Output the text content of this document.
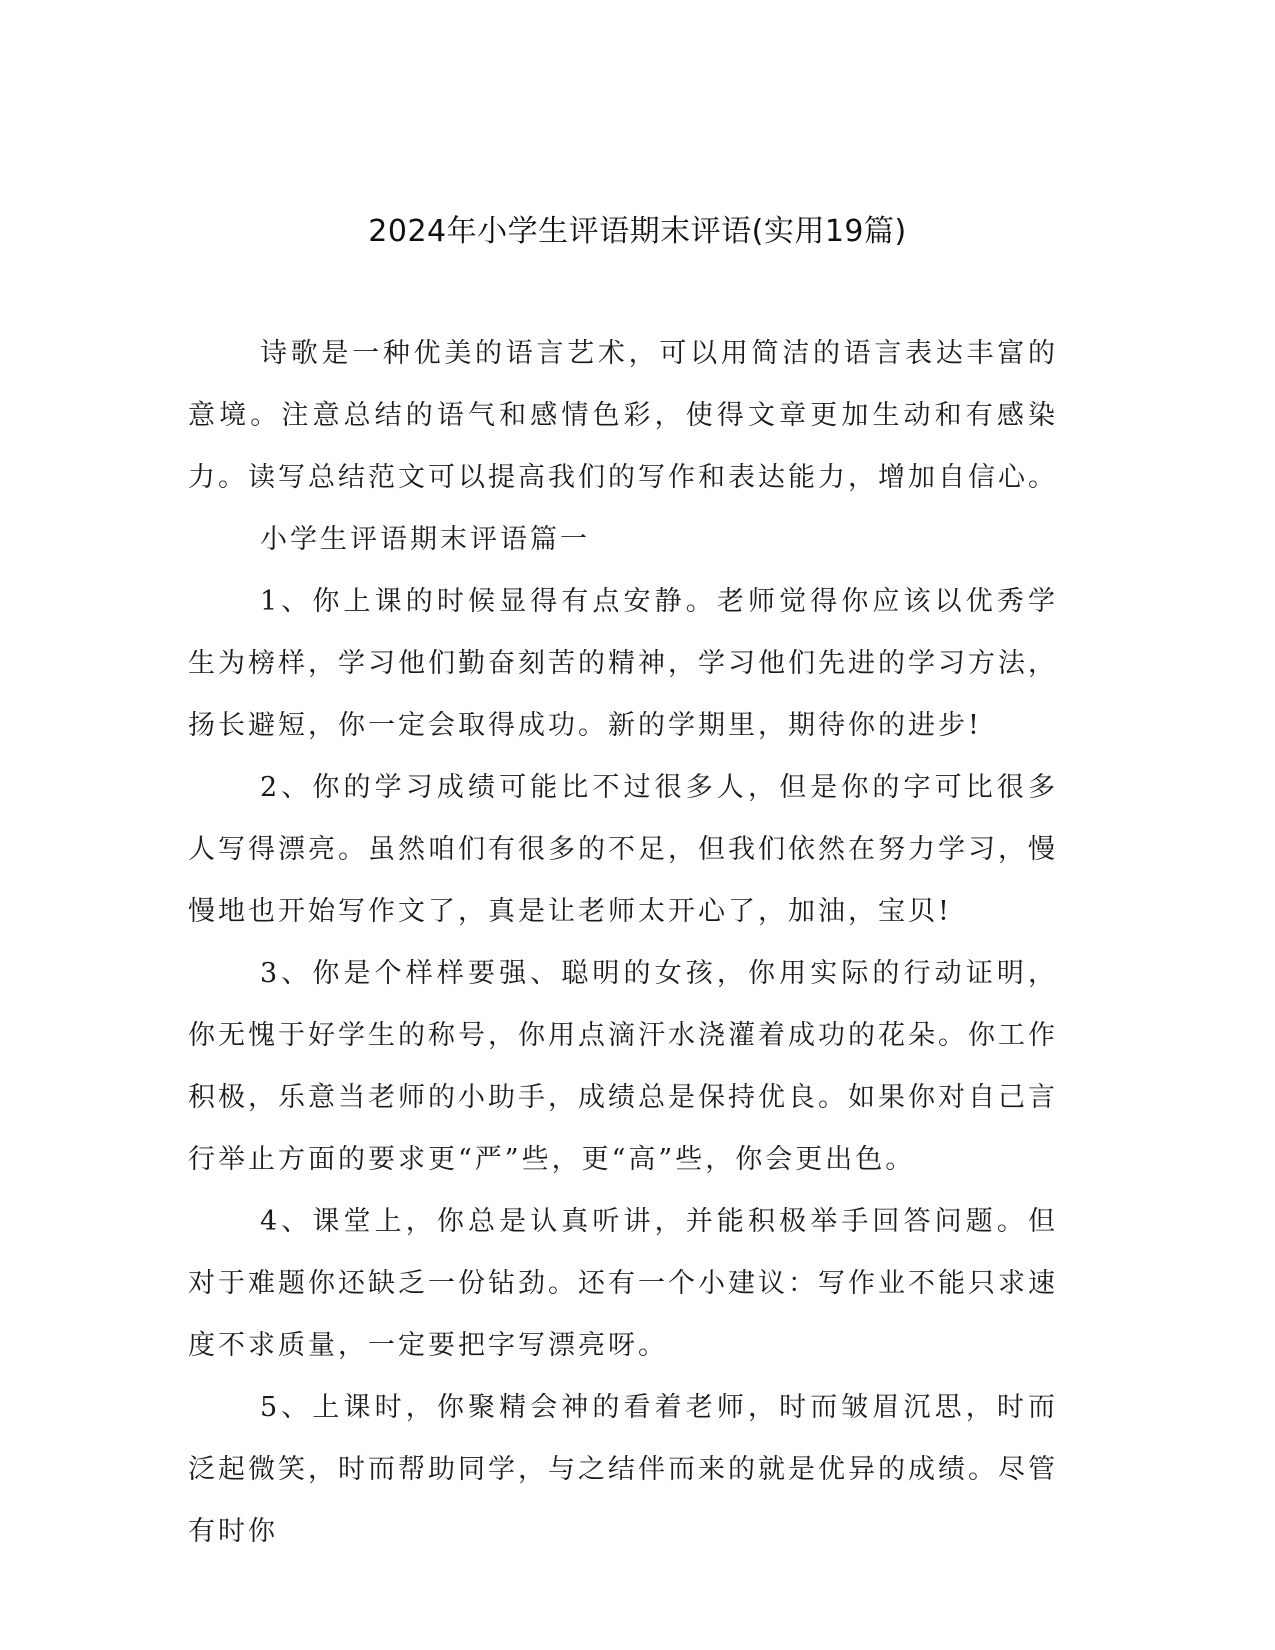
2024年小学生评语期末评语(实用19篇)

诗歌是一种优美的语言艺术，可以用简洁的语言表达丰富的意境。注意总结的语气和感情色彩，使得文章更加生动和有感染力。读写总结范文可以提高我们的写作和表达能力，增加自信心。

小学生评语期末评语篇一

1、你上课的时候显得有点安静。老师觉得你应该以优秀学生为榜样，学习他们勤奋刻苦的精神，学习他们先进的学习方法，扬长避短，你一定会取得成功。新的学期里，期待你的进步!

2、你的学习成绩可能比不过很多人，但是你的字可比很多人写得漂亮。虽然咱们有很多的不足，但我们依然在努力学习，慢慢地也开始写作文了，真是让老师太开心了，加油，宝贝!

3、你是个样样要强、聪明的女孩，你用实际的行动证明，你无愧于好学生的称号，你用点滴汗水浇灌着成功的花朵。你工作积极，乐意当老师的小助手，成绩总是保持优良。如果你对自己言行举止方面的要求更“严”些，更“高”些，你会更出色。

4、课堂上，你总是认真听讲，并能积极举手回答问题。但对于难题你还缺乏一份钻劲。还有一个小建议：写作业不能只求速度不求质量，一定要把字写漂亮呀。

5、上课时，你聚精会神的看着老师，时而皱眉沉思，时而泛起微笑，时而帮助同学，与之结伴而来的就是优异的成绩。尽管有时你
